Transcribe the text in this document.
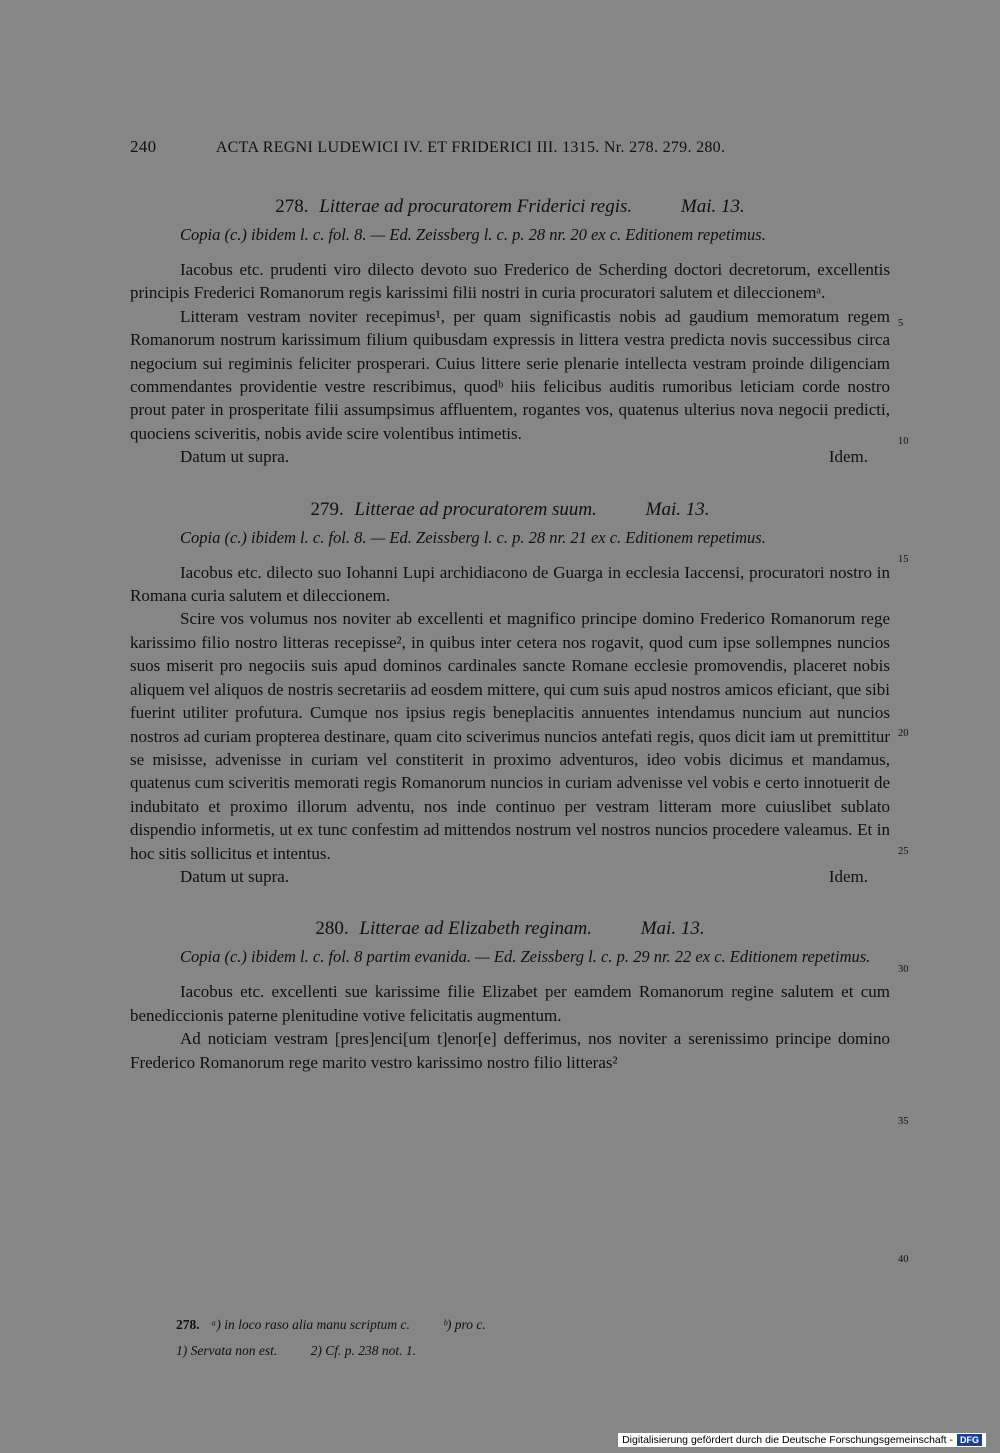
240	ACTA REGNI LUDEWICI IV. ET FRIDERICI III. 1315. Nr. 278. 279. 280.
278. Litterae ad procuratorem Friderici regis.	Mai. 13.

Copia (c.) ibidem l. c. fol. 8. — Ed. Zeissberg l. c. p. 28 nr. 20 ex c. Editionem repetimus.

Iacobus etc. prudenti viro dilecto devoto suo Frederico de Scherding doctori decretorum, excellentis principis Frederici Romanorum regis karissimi filii nostri in curia procuratori salutem et dileccionemᵃ.

Litteram vestram noviter recepimus¹, per quam significastis nobis ad gaudium memoratum regem Romanorum nostrum karissimum filium quibusdam expressis in littera vestra predicta novis successibus circa negocium sui regiminis feliciter prosperari. Cuius littere serie plenarie intellecta vestram proinde diligenciam commendantes providentie vestre rescribimus, quodᵇ hiis felicibus auditis rumoribus leticiam corde nostro prout pater in prosperitate filii assumpsimus affluentem, rogantes vos, quatenus ulterius nova negocii predicti, quociens sciveritis, nobis avide scire volentibus intimetis.

Datum ut supra.	Idem.
279. Litterae ad procuratorem suum.	Mai. 13.

Copia (c.) ibidem l. c. fol. 8. — Ed. Zeissberg l. c. p. 28 nr. 21 ex c. Editionem repetimus.

Iacobus etc. dilecto suo Iohanni Lupi archidiacono de Guarga in ecclesia Iaccensi, procuratori nostro in Romana curia salutem et dileccionem.

Scire vos volumus nos noviter ab excellenti et magnifico principe domino Frederico Romanorum rege karissimo filio nostro litteras recepisse², in quibus inter cetera nos rogavit, quod cum ipse sollempnes nuncios suos miserit pro negociis suis apud dominos cardinales sancte Romane ecclesie promovendis, placeret nobis aliquem vel aliquos de nostris secretariis ad eosdem mittere, qui cum suis apud nostros amicos eficiant, que sibi fuerint utiliter profutura. Cumque nos ipsius regis beneplacitis annuentes intendamus nuncium aut nuncios nostros ad curiam propterea destinare, quam cito sciverimus nuncios antefati regis, quos dicit iam ut premittitur se misisse, advenisse in curiam vel constiterit in proximo adventuros, ideo vobis dicimus et mandamus, quatenus cum sciveritis memorati regis Romanorum nuncios in curiam advenisse vel vobis e certo innotuerit de indubitato et proximo illorum adventu, nos inde continuo per vestram litteram more cuiuslibet sublato dispendio informetis, ut ex tunc confestim ad mittendos nostrum vel nostros nuncios procedere valeamus. Et in hoc sitis sollicitus et intentus.

Datum ut supra.	Idem.
280. Litterae ad Elizabeth reginam.	Mai. 13.

Copia (c.) ibidem l. c. fol. 8 partim evanida. — Ed. Zeissberg l. c. p. 29 nr. 22 ex c. Editionem repetimus.

Iacobus etc. excellenti sue karissime filie Elizabet per eamdem Romanorum regine salutem et cum benediccionis paterne plenitudine votive felicitatis augmentum.

Ad noticiam vestram [pres]enci[um t]enor[e] defferimus, nos noviter a serenissimo principe domino Frederico Romanorum rege marito vestro karissimo nostro filio litteras²

5
10
15
20
25
30
35
40
278. ᵃ) in loco raso alia manu scriptum c. ᵇ) pro c.
1) Servata non est. 2) Cf. p. 238 not. 1.
Digitalisierung gefördert durch die Deutsche Forschungsgemeinschaft - DFG
